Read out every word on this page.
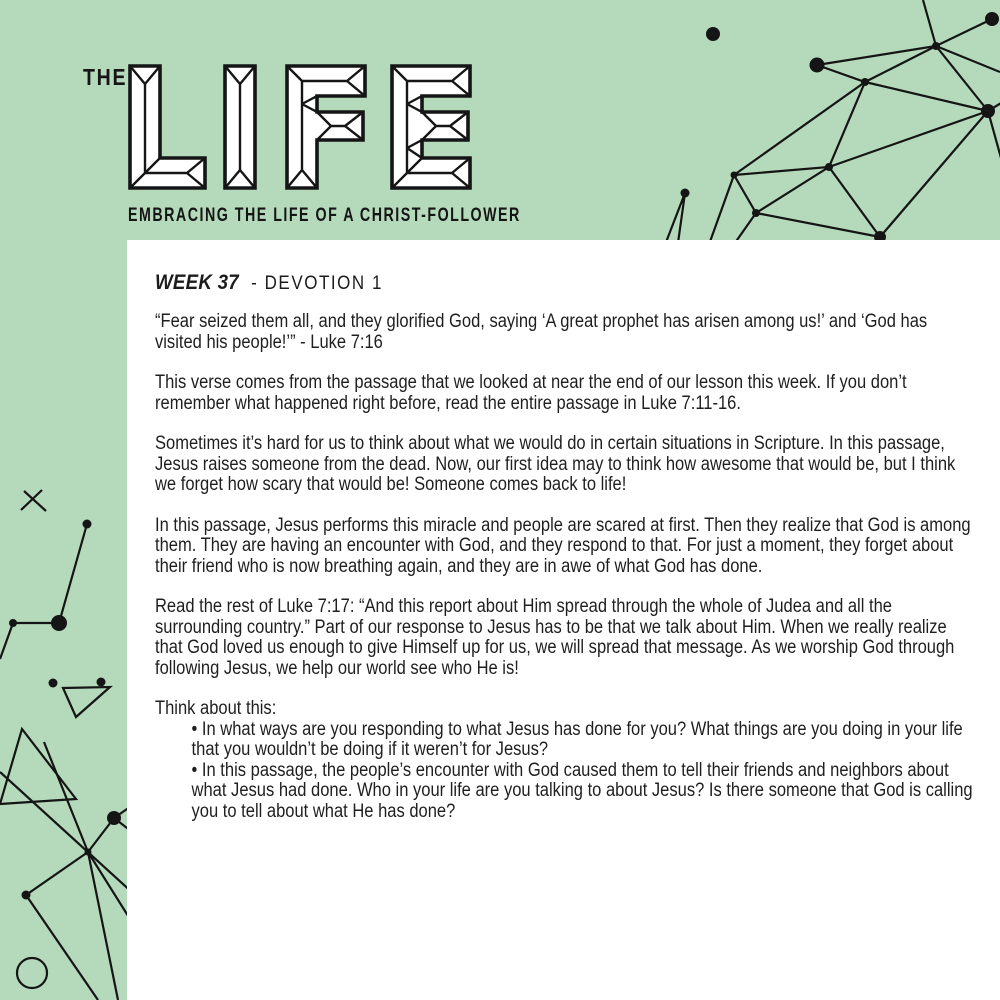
THE
EMBRACING THE LIFE OF A CHRIST-FOLLOWER
WEEK 37 - DEVOTION 1

“Fear seized them all, and they glorified God, saying ‘A great prophet has arisen among us!’ and ‘God has visited his people!’” - Luke 7:16

This verse comes from the passage that we looked at near the end of our lesson this week. If you don’t remember what happened right before, read the entire passage in Luke 7:11-16.

Sometimes it’s hard for us to think about what we would do in certain situations in Scripture. In this passage, Jesus raises someone from the dead. Now, our first idea may to think how awesome that would be, but I think we forget how scary that would be! Someone comes back to life!

In this passage, Jesus performs this miracle and people are scared at first. Then they realize that God is among them. They are having an encounter with God, and they respond to that. For just a moment, they forget about their friend who is now breathing again, and they are in awe of what God has done.

Read the rest of Luke 7:17: “And this report about Him spread through the whole of Judea and all the surrounding country.” Part of our response to Jesus has to be that we talk about Him. When we really realize that God loved us enough to give Himself up for us, we will spread that message. As we worship God through following Jesus, we help our world see who He is!

Think about this:

• In what ways are you responding to what Jesus has done for you? What things are you doing in your life that you wouldn’t be doing if it weren’t for Jesus?
• In this passage, the people’s encounter with God caused them to tell their friends and neighbors about what Jesus had done. Who in your life are you talking to about Jesus? Is there someone that God is calling you to tell about what He has done?
